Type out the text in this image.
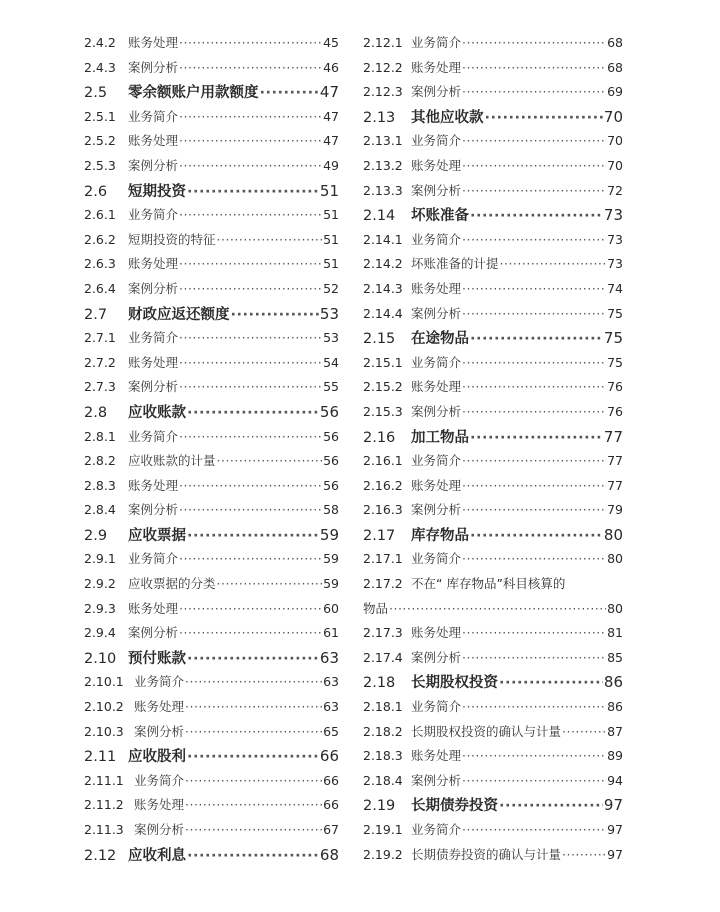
2.4.2 账务处理 ·····	45
2.4.3 案例分析 ·····	46
2.5	零余额账户用款额度 ·····	47
2.5.1 业务简介 ·····	47
2.5.2 账务处理 ·····	47
2.5.3 案例分析 ·····	49
2.6	短期投资 ·····	51
2.6.1 业务简介 ·····	51
2.6.2 短期投资的特征 ·····	51
2.6.3 账务处理 ·····	51
2.6.4 案例分析 ·····	52
2.7	财政应返还额度 ·····	53
2.7.1 业务简介 ·····	53
2.7.2 账务处理 ·····	54
2.7.3 案例分析 ·····	55
2.8	应收账款 ·····	56
2.8.1 业务简介 ·····	56
2.8.2 应收账款的计量 ·····	56
2.8.3 账务处理 ·····	56
2.8.4 案例分析 ·····	58
2.9	应收票据 ·····	59
2.9.1 业务简介 ·····	59
2.9.2 应收票据的分类 ·····	59
2.9.3 账务处理 ·····	60
2.9.4 案例分析 ·····	61
2.10 预付账款 ·····	63
2.10.1 业务简介 ·····	63
2.10.2 账务处理 ·····	63
2.10.3 案例分析 ·····	65
2.11 应收股利 ·····	66
2.11.1 业务简介 ·····	66
2.11.2 账务处理 ·····	66
2.11.3 案例分析 ·····	67
2.12 应收利息 ·····	68
2.12.1 业务简介 ·····	68
2.12.2 账务处理 ·····	68
2.12.3 案例分析 ·····	69
2.13	其他应收款 ·····	70
2.13.1 业务简介 ·····	70
2.13.2 账务处理 ·····	70
2.13.3 案例分析 ·····	72
2.14	坏账准备 ·····	73
2.14.1 业务简介 ·····	73
2.14.2 坏账准备的计提 ·····	73
2.14.3 账务处理 ·····	74
2.14.4 案例分析 ·····	75
2.15	在途物品 ·····	75
2.15.1 业务简介 ·····	75
2.15.2 账务处理 ·····	76
2.15.3 案例分析 ·····	76
2.16	加工物品 ·····	77
2.16.1 业务简介 ·····	77
2.16.2 账务处理 ·····	77
2.16.3 案例分析 ·····	79
2.17	库存物品 ·····	80
2.17.1 业务简介 ·····	80
2.17.2 不在“ 库存物品”科目核算的
物品 ·····	80
2.17.3 账务处理 ·····	81
2.17.4 案例分析 ·····	85
2.18	长期股权投资 ·····	86
2.18.1 业务简介 ·····	86
2.18.2 长期股权投资的确认与计量 ·····	87
2.18.3 账务处理 ·····	89
2.18.4 案例分析 ·····	94
2.19	长期债券投资 ·····	97
2.19.1 业务简介 ·····	97
2.19.2 长期债券投资的确认与计量 ·····	97
